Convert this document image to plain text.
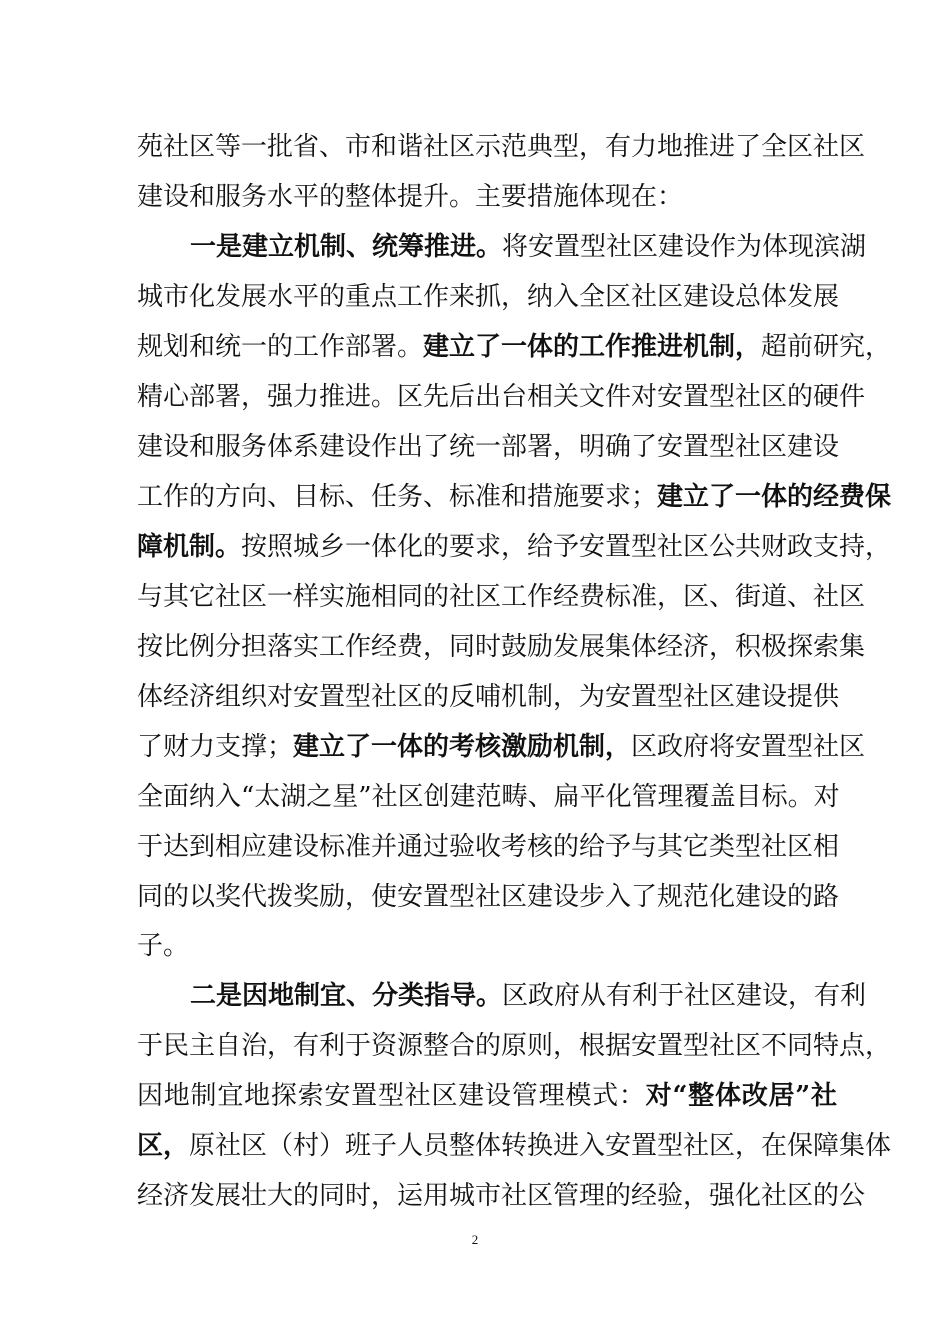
苑社区等一批省、市和谐社区示范典型，有力地推进了全区社区
建设和服务水平的整体提升。主要措施体现在：
一是建立机制、统筹推进。将安置型社区建设作为体现滨湖
城市化发展水平的重点工作来抓，纳入全区社区建设总体发展
规划和统一的工作部署。建立了一体的工作推进机制，超前研究，
精心部署，强力推进。区先后出台相关文件对安置型社区的硬件
建设和服务体系建设作出了统一部署，明确了安置型社区建设
工作的方向、目标、任务、标准和措施要求；建立了一体的经费保
障机制。按照城乡一体化的要求，给予安置型社区公共财政支持，
与其它社区一样实施相同的社区工作经费标准，区、街道、社区
按比例分担落实工作经费，同时鼓励发展集体经济，积极探索集
体经济组织对安置型社区的反哺机制，为安置型社区建设提供
了财力支撑；建立了一体的考核激励机制，区政府将安置型社区
全面纳入“太湖之星”社区创建范畴、扁平化管理覆盖目标。对
于达到相应建设标准并通过验收考核的给予与其它类型社区相
同的以奖代拨奖励，使安置型社区建设步入了规范化建设的路
子。
二是因地制宜、分类指导。区政府从有利于社区建设，有利
于民主自治，有利于资源整合的原则，根据安置型社区不同特点，
因地制宜地探索安置型社区建设管理模式：对“整体改居”社
区，原社区（村）班子人员整体转换进入安置型社区，在保障集体
经济发展壮大的同时，运用城市社区管理的经验，强化社区的公
2
